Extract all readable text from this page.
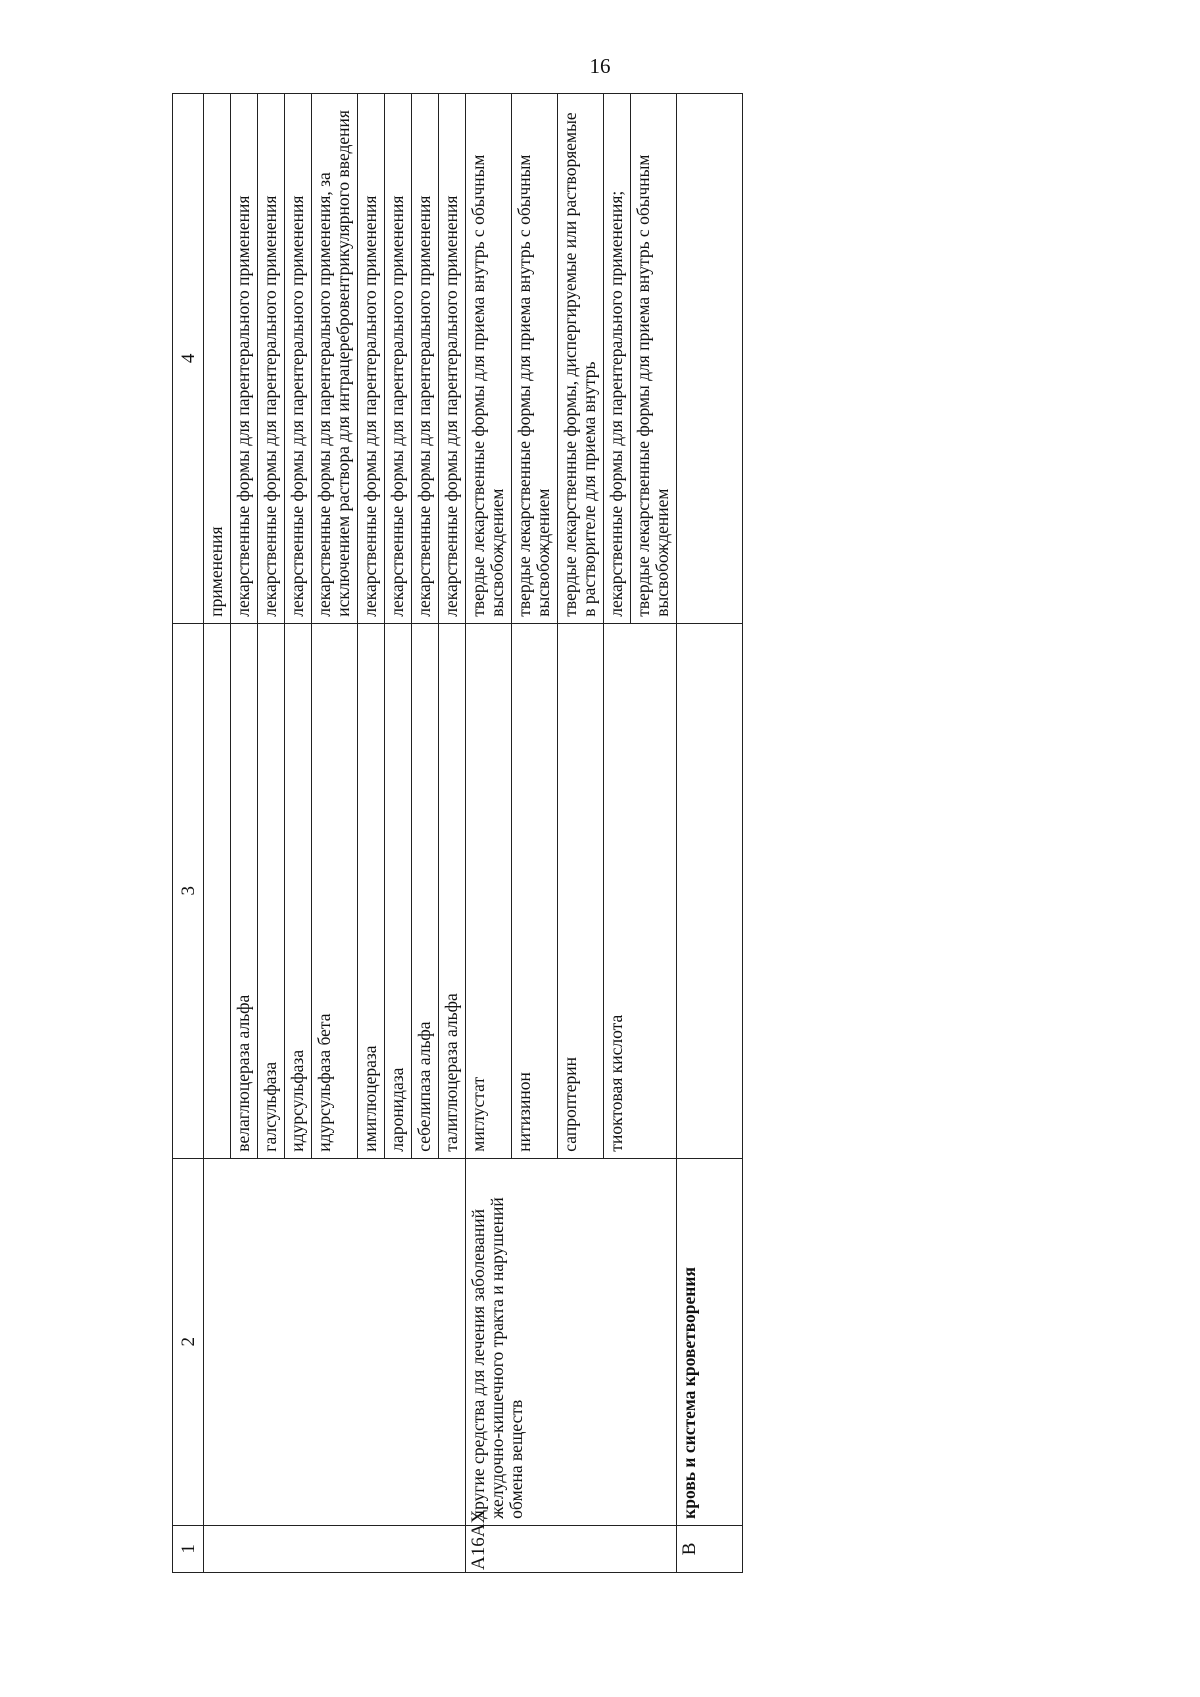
16
1	2	3	4
			применения
		велаглюцераза альфа	лекарственные формы для парентерального применения
		галсульфаза	лекарственные формы для парентерального применения
		идурсульфаза	лекарственные формы для парентерального применения
		идурсульфаза бета	лекарственные формы для парентерального применения, за исключением раствора для интрацеребровентрикулярного введения
		имиглюцераза	лекарственные формы для парентерального применения
		ларонидаза	лекарственные формы для парентерального применения
		себелипаза альфа	лекарственные формы для парентерального применения
		талиглюцераза альфа	лекарственные формы для парентерального применения
A16AX	другие средства для лечения заболеваний желудочно-кишечного тракта и нарушений обмена веществ	миглустат	твердые лекарственные формы для приема внутрь с обычным высвобождением
		нитизинон	твердые лекарственные формы для приема внутрь с обычным высвобождением
		сапроптерин	твердые лекарственные формы, диспергируемые или растворяемые в растворителе для приема внутрь
		тиоктовая кислота	лекарственные формы для парентерального применения;
			твердые лекарственные формы для приема внутрь с обычным высвобождением
B	кровь и система кроветворения		
